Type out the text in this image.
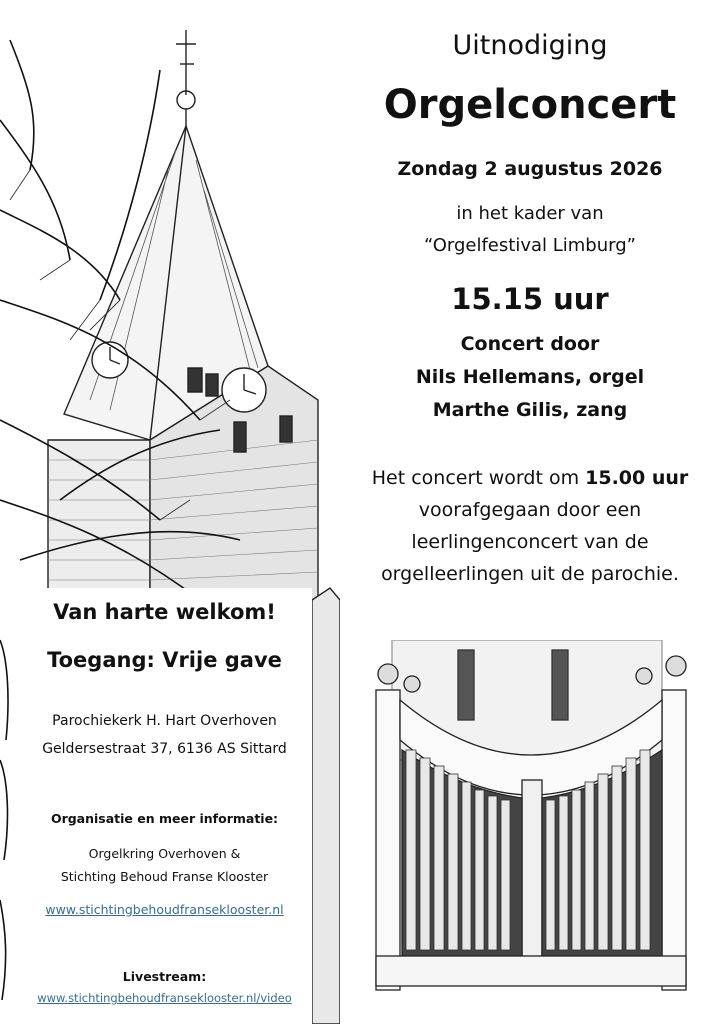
Uitnodiging
Orgelconcert
Zondag 2 augustus 2026
in het kader van
“Orgelfestival Limburg”
15.15 uur
Concert door
Nils Hellemans, orgel
Marthe Gilis, zang
Het concert wordt om 15.00 uur
voorafgegaan door een
leerlingenconcert van de
orgelleerlingen uit de parochie.
Van harte welkom!
Toegang: Vrije gave
Parochiekerk H. Hart Overhoven
Geldersestraat 37, 6136 AS Sittard
Organisatie en meer informatie:
Orgelkring Overhoven &
Stichting Behoud Franse Klooster
www.stichtingbehoudfranseklooster.nl
Livestream:
www.stichtingbehoudfranseklooster.nl/video
